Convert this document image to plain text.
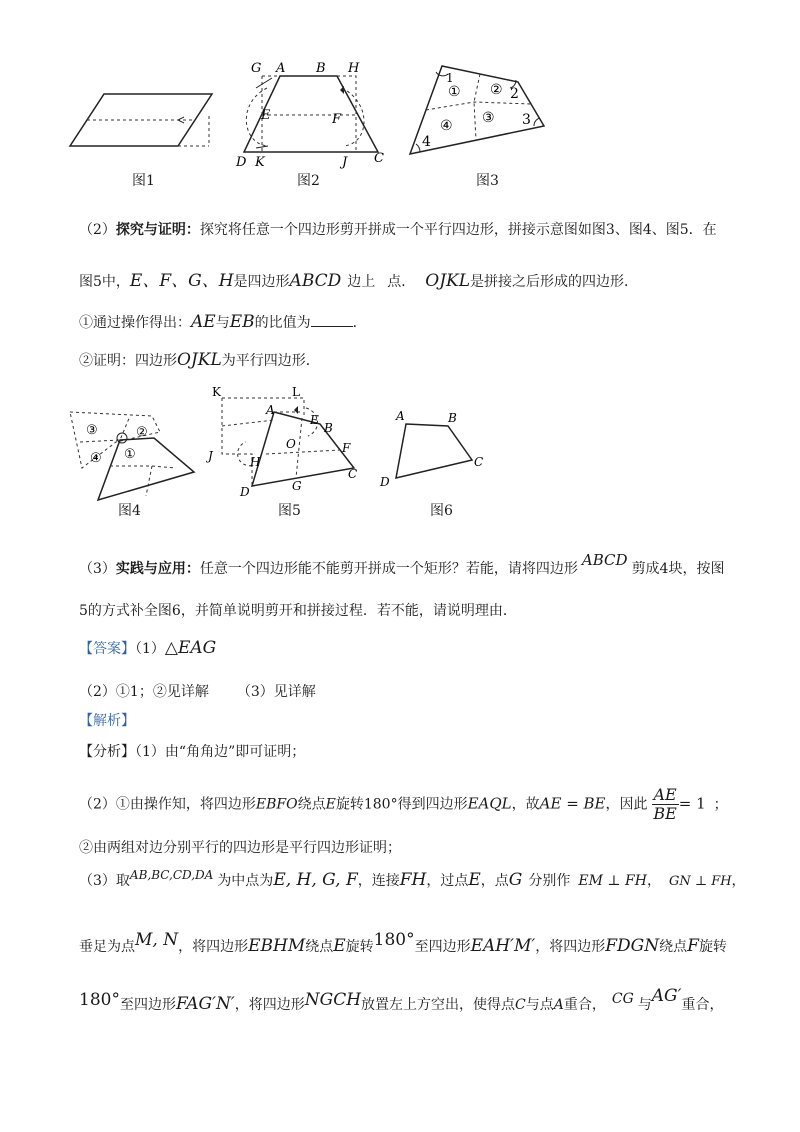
图1
G A B H
E	F
D K	J C
图2
1
2
3
4
① ②
③
④
图3
（2）探究与证明：探究将任意一个四边形剪开拼成一个平行四边形，拼接示意图如图3、图4、图5．在
图5中，E、F、G、H是四边形ABCD 边上 点． OJKL是拼接之后形成的四边形．
①通过操作得出：AE与EB的比值为	．
②证明：四边形OJKL为平行四边形．
③	②
①
④
图4
K	L
A
E
B
O	F
J	H
D	G
C
图5
A	B
C
D
图6
（3）实践与应用：任意一个四边形能不能剪开拼成一个矩形？若能，请将四边形 ABCD 剪成4块，按图
5的方式补全图6，并简单说明剪开和拼接过程．若不能，请说明理由．
【答案】（1）△EAG
（2）①1；②见详解 （3）见详解
【解析】
【分析】（1）由“角角边”即可证明；
（2）①由操作知，将四边形EBFO绕点E旋转180°得到四边形EAQL，故AE = BE，因此 $\frac{AE}{BE}= 1$ ；
②由两组对边分别平行的四边形是平行四边形证明；
（3）取AB,BC,CD,DA 为中点为E, H, G, F，连接FH，过点E，点G 分别作 EM ⊥ FH， GN ⊥ FH，
垂足为点M, N，将四边形EBHM绕点E旋转180°至四边形EAH′M′，将四边形FDGN绕点F旋转
180°至四边形FAG′N′，将四边形NGCH放置左上方空出，使得点C与点A重合， CG 与AG′重合，
